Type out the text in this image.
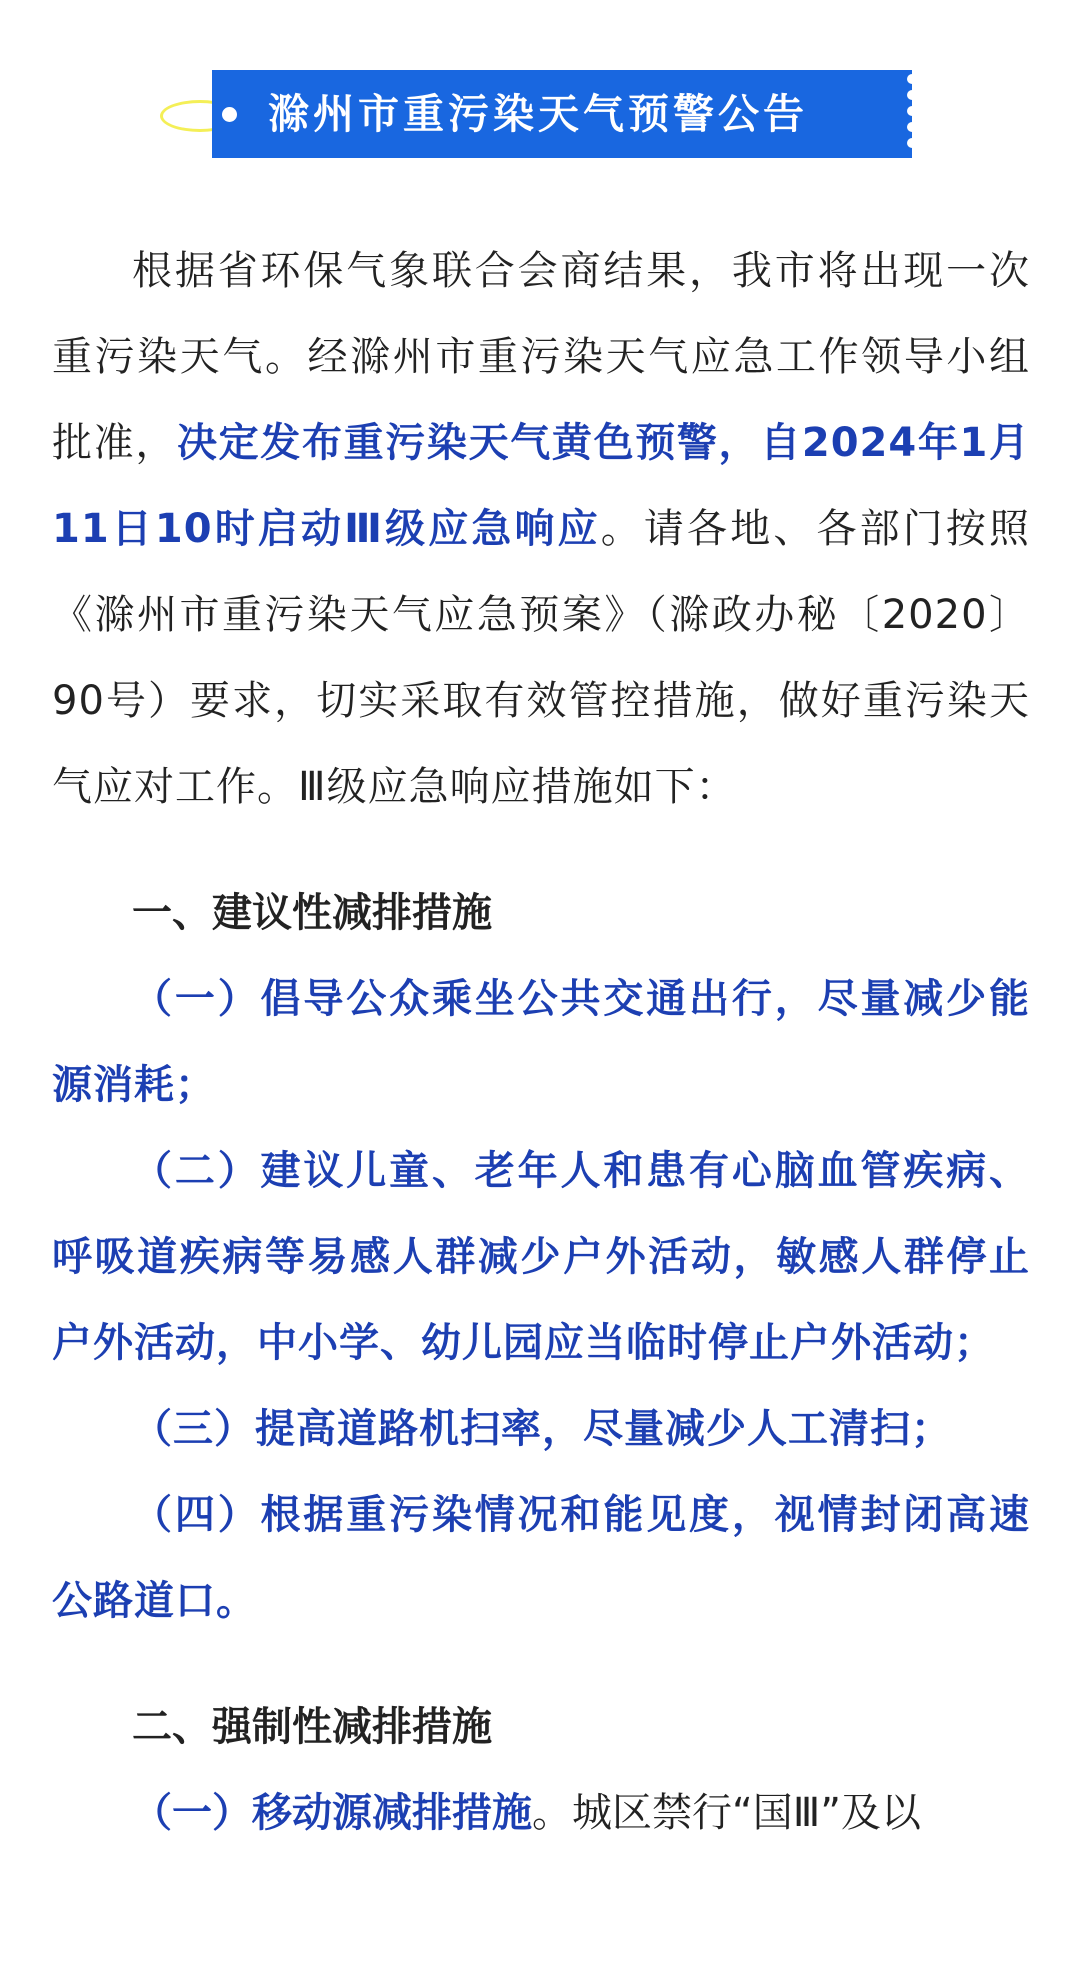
滁州市重污染天气预警公告

根据省环保气象联合会商结果，我市将出现一次重污染天气。经滁州市重污染天气应急工作领导小组批准，决定发布重污染天气黄色预警，自2024年1月11日10时启动Ⅲ级应急响应。请各地、各部门按照《滁州市重污染天气应急预案》（滁政办秘〔2020〕90号）要求，切实采取有效管控措施，做好重污染天气应对工作。Ⅲ级应急响应措施如下：

一、建议性减排措施

（一）倡导公众乘坐公共交通出行，尽量减少能源消耗；

（二）建议儿童、老年人和患有心脑血管疾病、呼吸道疾病等易感人群减少户外活动，敏感人群停止户外活动，中小学、幼儿园应当临时停止户外活动；

（三）提高道路机扫率，尽量减少人工清扫；

（四）根据重污染情况和能见度，视情封闭高速公路道口。

二、强制性减排措施

（一）移动源减排措施。城区禁行“国Ⅲ”及以
